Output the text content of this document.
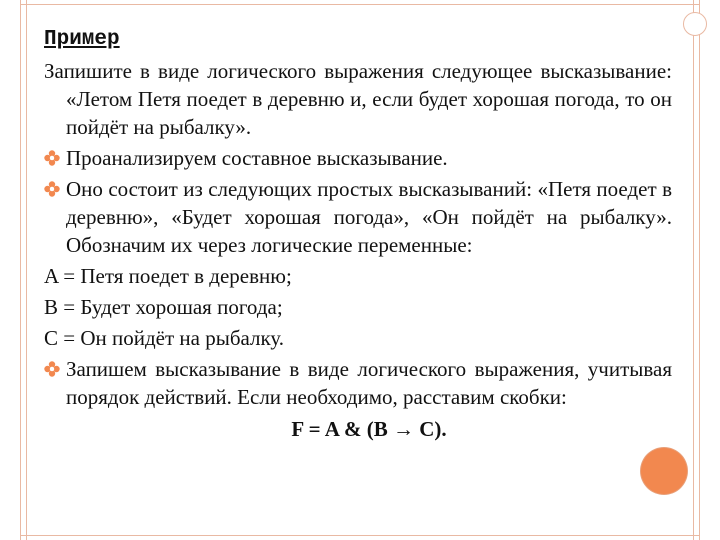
Пример
Запишите в виде логического выражения следующее высказывание: «Летом Петя поедет в деревню и, если будет хорошая погода, то он пойдёт на рыбалку».
Проанализируем составное высказывание.
Оно состоит из следующих простых высказываний: «Петя поедет в деревню», «Будет хорошая погода», «Он пойдёт на рыбалку». Обозначим их через логические переменные:
A = Петя поедет в деревню;
B = Будет хорошая погода;
C = Он пойдёт на рыбалку.
Запишем высказывание в виде логического выражения, учитывая порядок действий. Если необходимо, расставим скобки:
F = A & (B → C).
